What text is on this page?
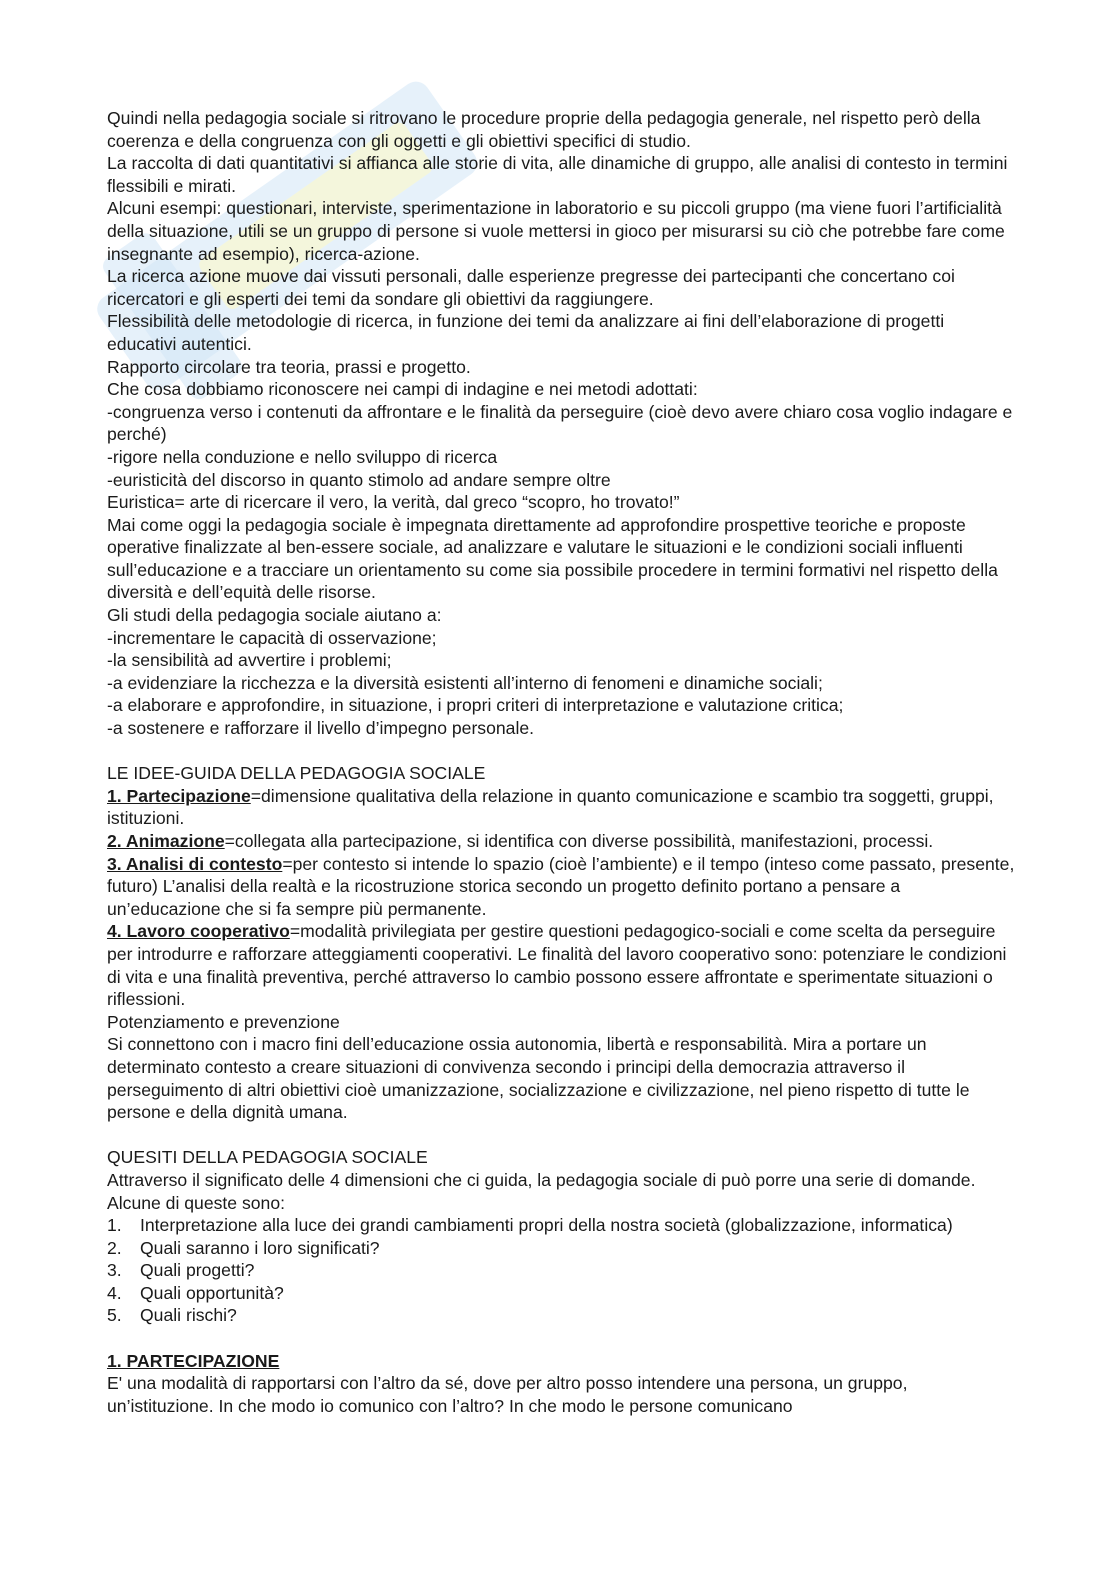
Quindi nella pedagogia sociale si ritrovano le procedure proprie della pedagogia generale, nel rispetto però della coerenza e della congruenza con gli oggetti e gli obiettivi specifici di studio.

La raccolta di dati quantitativi si affianca alle storie di vita, alle dinamiche di gruppo, alle analisi di contesto in termini flessibili e mirati.

Alcuni esempi: questionari, interviste, sperimentazione in laboratorio e su piccoli gruppo (ma viene fuori l’artificialità della situazione, utili se un gruppo di persone si vuole mettersi in gioco per misurarsi su ciò che potrebbe fare come insegnante ad esempio), ricerca-azione.

La ricerca azione muove dai vissuti personali, dalle esperienze pregresse dei partecipanti che concertano coi ricercatori e gli esperti dei temi da sondare gli obiettivi da raggiungere.

Flessibilità delle metodologie di ricerca, in funzione dei temi da analizzare ai fini dell’elaborazione di progetti educativi autentici.

Rapporto circolare tra teoria, prassi e progetto.

Che cosa dobbiamo riconoscere nei campi di indagine e nei metodi adottati:

-congruenza verso i contenuti da affrontare e le finalità da perseguire (cioè devo avere chiaro cosa voglio indagare e perché)

-rigore nella conduzione e nello sviluppo di ricerca

-euristicità del discorso in quanto stimolo ad andare sempre oltre

Euristica= arte di ricercare il vero, la verità, dal greco “scopro, ho trovato!”

Mai come oggi la pedagogia sociale è impegnata direttamente ad approfondire prospettive teoriche e proposte operative finalizzate al ben-essere sociale, ad analizzare e valutare le situazioni e le condizioni sociali influenti sull’educazione e a tracciare un orientamento su come sia possibile procedere in termini formativi nel rispetto della diversità e dell’equità delle risorse.

Gli studi della pedagogia sociale aiutano a:

-incrementare le capacità di osservazione;

-la sensibilità ad avvertire i problemi;

-a evidenziare la ricchezza e la diversità esistenti all’interno di fenomeni e dinamiche sociali;

-a elaborare e approfondire, in situazione, i propri criteri di interpretazione e valutazione critica;

-a sostenere e rafforzare il livello d’impegno personale.

LE IDEE-GUIDA DELLA PEDAGOGIA SOCIALE

1. Partecipazione=dimensione qualitativa della relazione in quanto comunicazione e scambio tra soggetti, gruppi, istituzioni.

2. Animazione=collegata alla partecipazione, si identifica con diverse possibilità, manifestazioni, processi.

3. Analisi di contesto=per contesto si intende lo spazio (cioè l’ambiente) e il tempo (inteso come passato, presente, futuro) L’analisi della realtà e la ricostruzione storica secondo un progetto definito portano a pensare a un’educazione che si fa sempre più permanente.

4. Lavoro cooperativo=modalità privilegiata per gestire questioni pedagogico-sociali e come scelta da perseguire per introdurre e rafforzare atteggiamenti cooperativi. Le finalità del lavoro cooperativo sono: potenziare le condizioni di vita e una finalità preventiva, perché attraverso lo cambio possono essere affrontate e sperimentate situazioni o riflessioni.

Potenziamento e prevenzione

Si connettono con i macro fini dell’educazione ossia autonomia, libertà e responsabilità. Mira a portare un determinato contesto a creare situazioni di convivenza secondo i principi della democrazia attraverso il perseguimento di altri obiettivi cioè umanizzazione, socializzazione e civilizzazione, nel pieno rispetto di tutte le persone e della dignità umana.

QUESITI DELLA PEDAGOGIA SOCIALE

Attraverso il significato delle 4 dimensioni che ci guida, la pedagogia sociale di può porre una serie di domande. Alcune di queste sono:

1.	Interpretazione alla luce dei grandi cambiamenti propri della nostra società (globalizzazione, informatica)
2.	Quali saranno i loro significati?
3.	Quali progetti?
4.	Quali opportunità?
5.	Quali rischi?

1. PARTECIPAZIONE

E' una modalità di rapportarsi con l’altro da sé, dove per altro posso intendere una persona, un gruppo, un’istituzione. In che modo io comunico con l’altro? In che modo le persone comunicano
